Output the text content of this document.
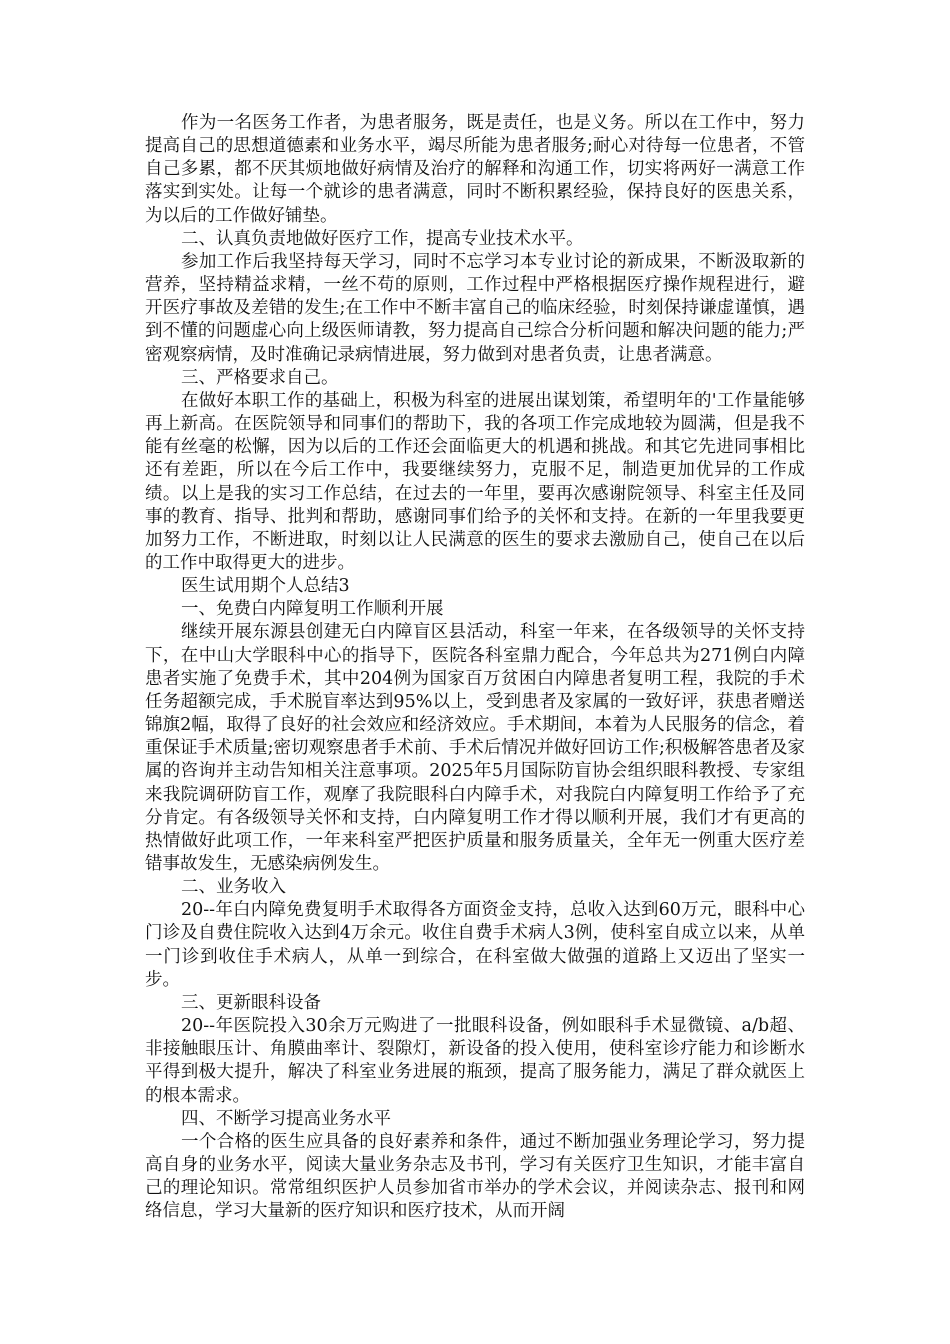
作为一名医务工作者，为患者服务，既是责任，也是义务。所以在工作中，努力提高自己的思想道德素和业务水平，竭尽所能为患者服务;耐心对待每一位患者，不管自己多累，都不厌其烦地做好病情及治疗的解释和沟通工作，切实将两好一满意工作落实到实处。让每一个就诊的患者满意，同时不断积累经验，保持良好的医患关系，为以后的工作做好铺垫。

二、认真负责地做好医疗工作，提高专业技术水平。

参加工作后我坚持每天学习，同时不忘学习本专业讨论的新成果，不断汲取新的营养，坚持精益求精，一丝不苟的原则，工作过程中严格根据医疗操作规程进行，避开医疗事故及差错的发生;在工作中不断丰富自己的临床经验，时刻保持谦虚谨慎，遇到不懂的问题虚心向上级医师请教，努力提高自己综合分析问题和解决问题的能力;严密观察病情，及时准确记录病情进展，努力做到对患者负责，让患者满意。

三、严格要求自己。

在做好本职工作的基础上，积极为科室的进展出谋划策，希望明年的'工作量能够再上新高。在医院领导和同事们的帮助下，我的各项工作完成地较为圆满，但是我不能有丝毫的松懈，因为以后的工作还会面临更大的机遇和挑战。和其它先进同事相比还有差距，所以在今后工作中，我要继续努力，克服不足，制造更加优异的工作成绩。以上是我的实习工作总结，在过去的一年里，要再次感谢院领导、科室主任及同事的教育、指导、批判和帮助，感谢同事们给予的关怀和支持。在新的一年里我要更加努力工作，不断进取，时刻以让人民满意的医生的要求去激励自己，使自己在以后的工作中取得更大的进步。

医生试用期个人总结3

一、免费白内障复明工作顺利开展

继续开展东源县创建无白内障盲区县活动，科室一年来，在各级领导的关怀支持下，在中山大学眼科中心的指导下，医院各科室鼎力配合，今年总共为271例白内障患者实施了免费手术，其中204例为国家百万贫困白内障患者复明工程，我院的手术任务超额完成，手术脱盲率达到95%以上，受到患者及家属的一致好评，获患者赠送锦旗2幅，取得了良好的社会效应和经济效应。手术期间，本着为人民服务的信念，着重保证手术质量;密切观察患者手术前、手术后情况并做好回访工作;积极解答患者及家属的咨询并主动告知相关注意事项。2025年5月国际防盲协会组织眼科教授、专家组来我院调研防盲工作，观摩了我院眼科白内障手术，对我院白内障复明工作给予了充分肯定。有各级领导关怀和支持，白内障复明工作才得以顺利开展，我们才有更高的热情做好此项工作，一年来科室严把医护质量和服务质量关，全年无一例重大医疗差错事故发生，无感染病例发生。

二、业务收入

20--年白内障免费复明手术取得各方面资金支持，总收入达到60万元，眼科中心门诊及自费住院收入达到4万余元。收住自费手术病人3例，使科室自成立以来，从单一门诊到收住手术病人，从单一到综合，在科室做大做强的道路上又迈出了坚实一步。

三、更新眼科设备

20--年医院投入30余万元购进了一批眼科设备，例如眼科手术显微镜、a/b超、非接触眼压计、角膜曲率计、裂隙灯，新设备的投入使用，使科室诊疗能力和诊断水平得到极大提升，解决了科室业务进展的瓶颈，提高了服务能力，满足了群众就医上的根本需求。

四、不断学习提高业务水平

一个合格的医生应具备的良好素养和条件，通过不断加强业务理论学习，努力提高自身的业务水平，阅读大量业务杂志及书刊，学习有关医疗卫生知识，才能丰富自己的理论知识。常常组织医护人员参加省市举办的学术会议，并阅读杂志、报刊和网络信息，学习大量新的医疗知识和医疗技术，从而开阔
